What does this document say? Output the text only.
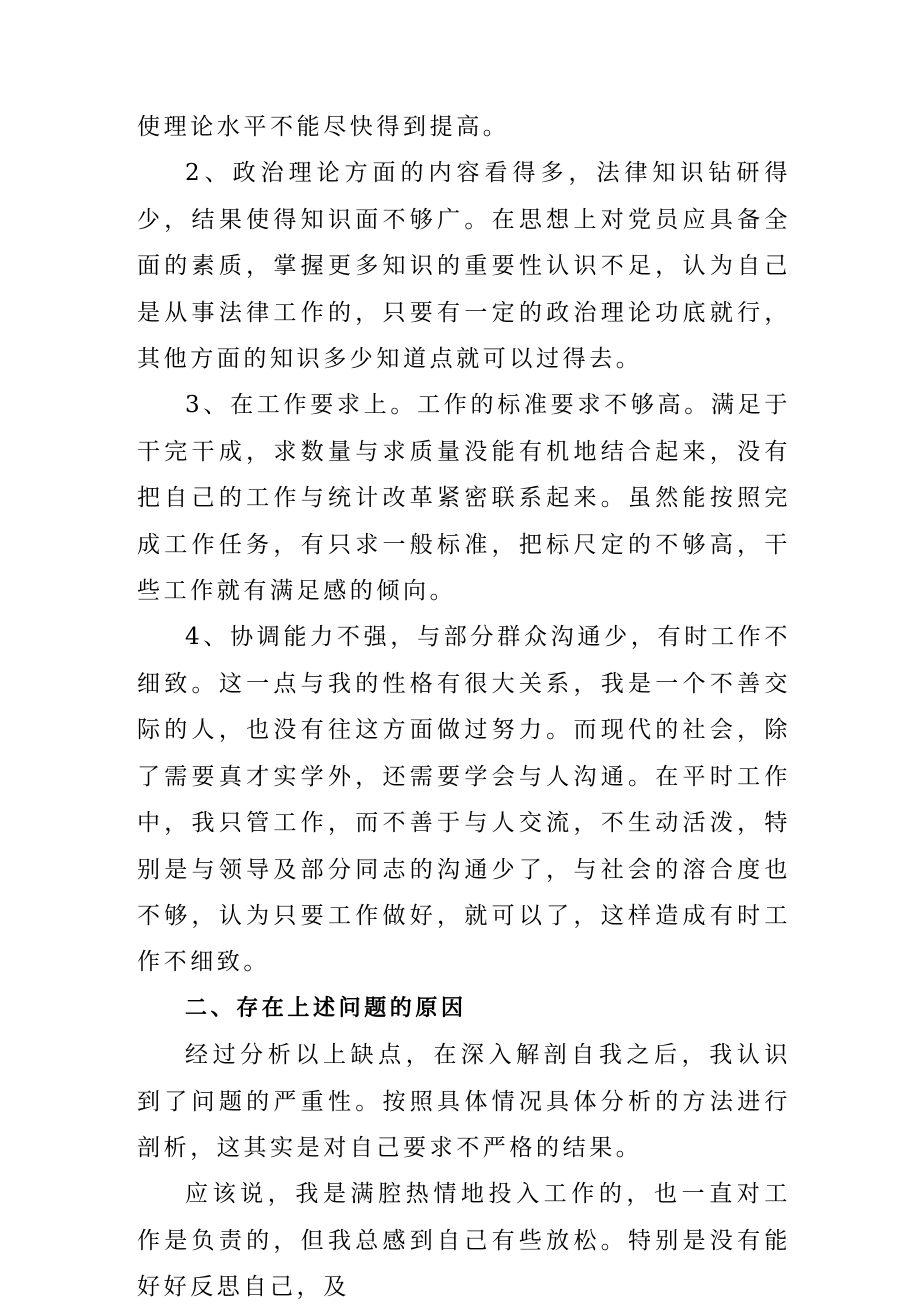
使理论水平不能尽快得到提高。

2、政治理论方面的内容看得多，法律知识钻研得少，结果使得知识面不够广。在思想上对党员应具备全面的素质，掌握更多知识的重要性认识不足，认为自己是从事法律工作的，只要有一定的政治理论功底就行，其他方面的知识多少知道点就可以过得去。

3、在工作要求上。工作的标准要求不够高。满足于干完干成，求数量与求质量没能有机地结合起来，没有把自己的工作与统计改革紧密联系起来。虽然能按照完成工作任务，有只求一般标准，把标尺定的不够高，干些工作就有满足感的倾向。

4、协调能力不强，与部分群众沟通少，有时工作不细致。这一点与我的性格有很大关系，我是一个不善交际的人，也没有往这方面做过努力。而现代的社会，除了需要真才实学外，还需要学会与人沟通。在平时工作中，我只管工作，而不善于与人交流，不生动活泼，特别是与领导及部分同志的沟通少了，与社会的溶合度也不够，认为只要工作做好，就可以了，这样造成有时工作不细致。

二、存在上述问题的原因

经过分析以上缺点，在深入解剖自我之后，我认识到了问题的严重性。按照具体情况具体分析的方法进行剖析，这其实是对自己要求不严格的结果。

应该说，我是满腔热情地投入工作的，也一直对工作是负责的，但我总感到自己有些放松。特别是没有能好好反思自己，及
